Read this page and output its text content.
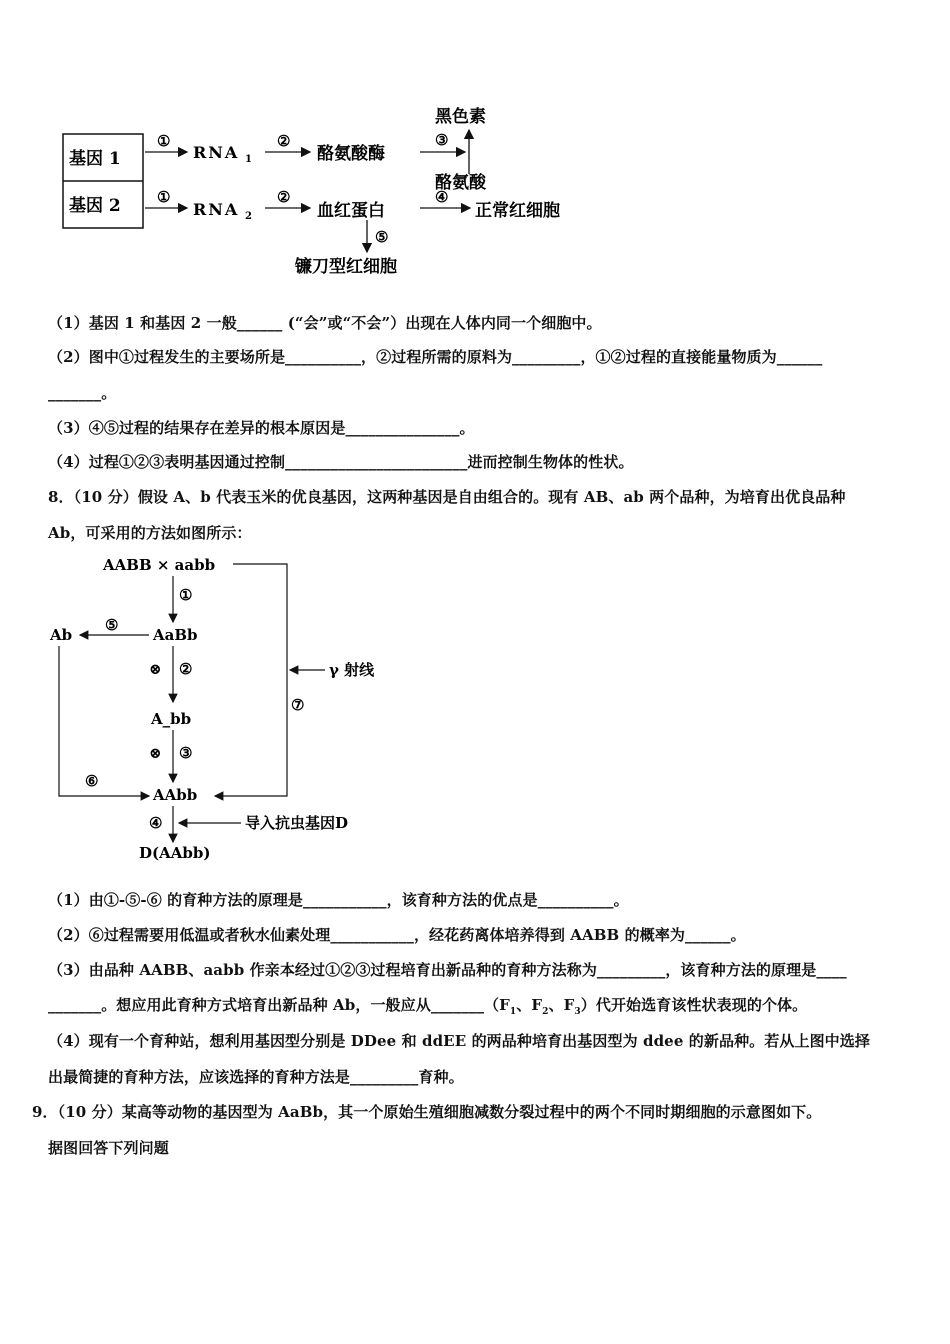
基因 1
基因 2
①
RNA 1
②
酪氨酸酶
③
黑色素
酪氨酸
①
RNA 2
②
血红蛋白
④
正常红细胞
⑤
镰刀型红细胞
（1）基因 1 和基因 2 一般______ (“会”或“不会”）出现在人体内同一个细胞中。
（2）图中①过程发生的主要场所是__________，②过程所需的原料为_________，①②过程的直接能量物质为______
_______。
（3）④⑤过程的结果存在差异的根本原因是_______________。
（4）过程①②③表明基因通过控制________________________进而控制生物体的性状。
8．（10 分）假设 A、b 代表玉米的优良基因，这两种基因是自由组合的。现有 AB、ab 两个品种，为培育出优良品种
Ab，可采用的方法如图所示：
AABB × aabb
①
AaBb
⑤
Ab
⑥
⊗ ②
A_bb
⊗ ③
AAbb
γ 射线
⑦
④	导入抗虫基因D
D(AAbb)
（1）由①-⑤-⑥ 的育种方法的原理是___________，该育种方法的优点是__________。
（2）⑥过程需要用低温或者秋水仙素处理___________，经花药离体培养得到 AABB 的概率为______。
（3）由品种 AABB、aabb 作亲本经过①②③过程培育出新品种的育种方法称为_________，该育种方法的原理是____
_______。想应用此育种方式培育出新品种 Ab，一般应从$\_\_\_\_\_\_\_(F_1$、$F_2$、$F_3$）代开始选育该性状表现的个体。
（4）现有一个育种站，想利用基因型分别是 DDee 和 ddEE 的两品种培育出基因型为 ddee 的新品种。若从上图中选择
出最简捷的育种方法，应该选择的育种方法是_________育种。
9．（10 分）某高等动物的基因型为 AaBb，其一个原始生殖细胞减数分裂过程中的两个不同时期细胞的示意图如下。
据图回答下列问题
